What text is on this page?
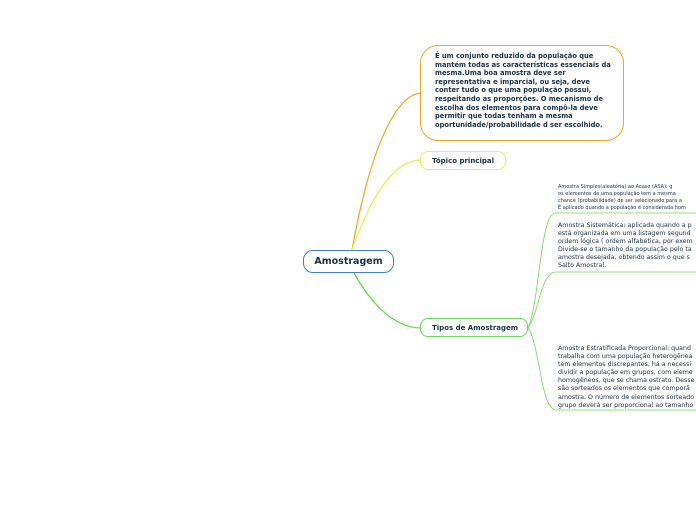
Amostragem
É um conjunto reduzido da população que mantém todas as características essenciais da mesma.Uma boa amostra deve ser representativa e imparcial, ou seja, deve conter tudo o que uma população possui, respeitando as proporções. O mecanismo de escolha dos elementos para compô-la deve permitir que todas tenham a mesma oportunidade/probabilidade d ser escolhido.
Tópico principal
Tipos de Amostragem
Amostra Simples(aleatória) ao Acaso (ASA): q
os elementos de uma população tem a mesma
chance (probabilidade) de ser selecionado para a
É aplicado quando a população é considerada hom
Amostra Sistemática: aplicada quando a p
está organizada em uma listagem segund
ordem lógica ( ordem alfabética, por exem
Divide-se o tamanho da população pelo ta
amostra desejada, obtendo assim o que s
Salto Amostral.
Amostra Estratificada Proporcional: quand
trabalha com uma população heterogênea
tem elementos discrepantes, há a necessi
dividir a população em grupos, com eleme
homogêneos, que se chama estrato. Desse
são sorteados os elementos que comporã
amostra. O número de elementos sorteado
grupo deverá ser proporcional ao tamanho
